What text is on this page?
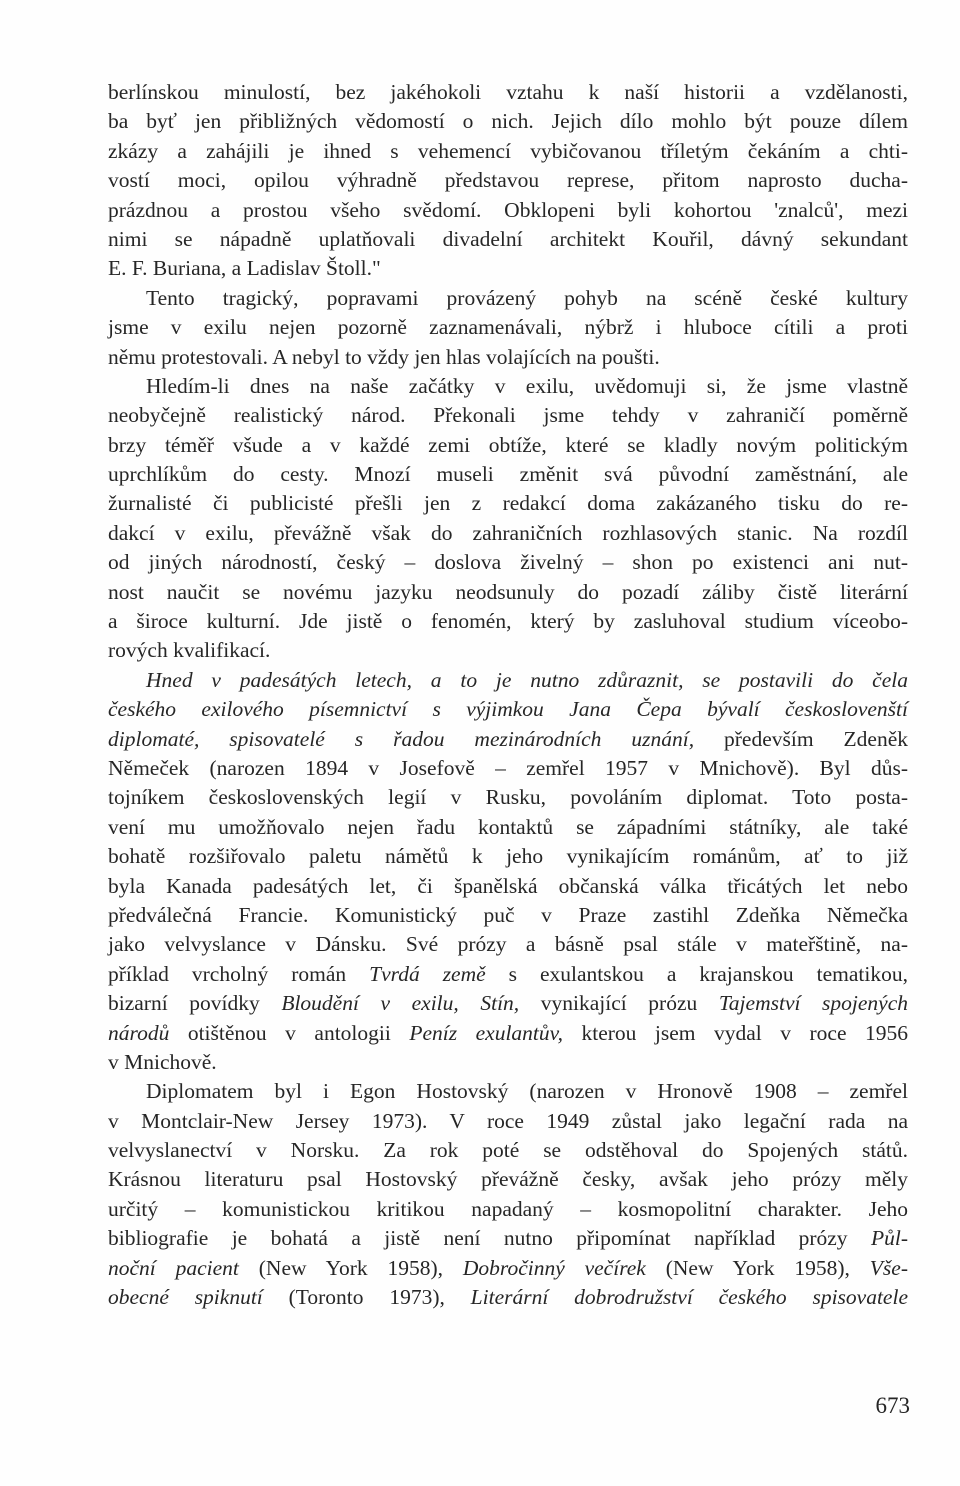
berlínskou minulostí, bez jakéhokoli vztahu k naší historii a vzdělanosti,
ba byť jen přibližných vědomostí o nich. Jejich dílo mohlo být pouze dílem
zkázy a zahájili je ihned s vehemencí vybičovanou tříletým čekáním a chti-
vostí moci, opilou výhradně představou represe, přitom naprosto ducha-
prázdnou a prostou všeho svědomí. Obklopeni byli kohortou 'znalců', mezi
nimi se nápadně uplatňovali divadelní architekt Kouřil, dávný sekundant
E. F. Buriana, a Ladislav Štoll."
Tento tragický, popravami provázený pohyb na scéně české kultury
jsme v exilu nejen pozorně zaznamenávali, nýbrž i hluboce cítili a proti
němu protestovali. A nebyl to vždy jen hlas volajících na poušti.
Hledím-li dnes na naše začátky v exilu, uvědomuji si, že jsme vlastně
neobyčejně realistický národ. Překonali jsme tehdy v zahraničí poměrně
brzy téměř všude a v každé zemi obtíže, které se kladly novým politickým
uprchlíkům do cesty. Mnozí museli změnit svá původní zaměstnání, ale
žurnalisté či publicisté přešli jen z redakcí doma zakázaného tisku do re-
dakcí v exilu, převážně však do zahraničních rozhlasových stanic. Na rozdíl
od jiných národností, český – doslova živelný – shon po existenci ani nut-
nost naučit se novému jazyku neodsunuly do pozadí záliby čistě literární
a široce kulturní. Jde jistě o fenomén, který by zasluhoval studium víceobo-
rových kvalifikací.
Hned v padesátých letech, a to je nutno zdůraznit, se postavili do čela
českého exilového písemnictví s výjimkou Jana Čepa bývalí českoslovenští
diplomaté, spisovatelé s řadou mezinárodních uznání, především Zdeněk
Němeček (narozen 1894 v Josefově – zemřel 1957 v Mnichově). Byl důs-
tojníkem československých legií v Rusku, povoláním diplomat. Toto posta-
vení mu umožňovalo nejen řadu kontaktů se západními státníky, ale také
bohatě rozšiřovalo paletu námětů k jeho vynikajícím románům, ať to již
byla Kanada padesátých let, či španělská občanská válka třicátých let nebo
předválečná Francie. Komunistický puč v Praze zastihl Zdeňka Němečka
jako velvyslance v Dánsku. Své prózy a básně psal stále v mateřštině, na-
příklad vrcholný román Tvrdá země s exulantskou a krajanskou tematikou,
bizarní povídky Bloudění v exilu, Stín, vynikající prózu Tajemství spojených
národů otištěnou v antologii Peníz exulantův, kterou jsem vydal v roce 1956
v Mnichově.
Diplomatem byl i Egon Hostovský (narozen v Hronově 1908 – zemřel
v Montclair-New Jersey 1973). V roce 1949 zůstal jako legační rada na
velvyslanectví v Norsku. Za rok poté se odstěhoval do Spojených států.
Krásnou literaturu psal Hostovský převážně česky, avšak jeho prózy měly
určitý – komunistickou kritikou napadaný – kosmopolitní charakter. Jeho
bibliografie je bohatá a jistě není nutno připomínat například prózy Půl-
noční pacient (New York 1958), Dobročinný večírek (New York 1958), Vše-
obecné spiknutí (Toronto 1973), Literární dobrodružství českého spisovatele
673
